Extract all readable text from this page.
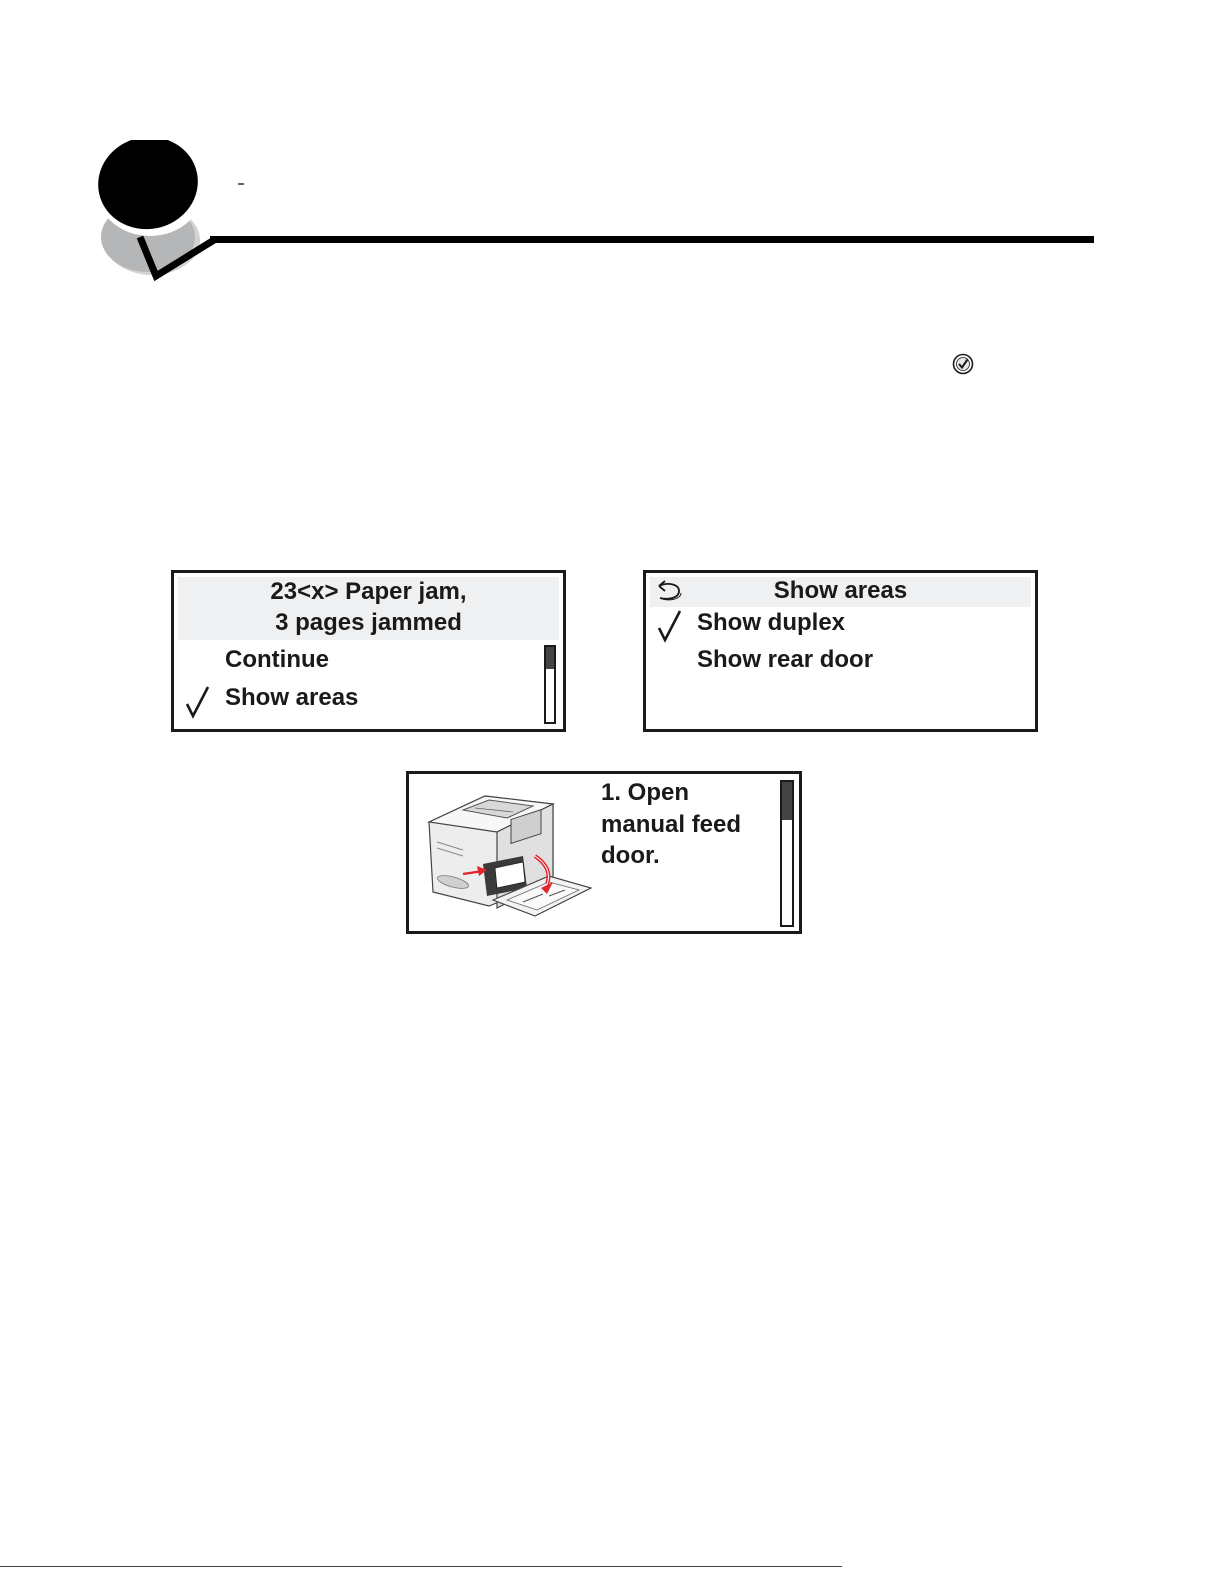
23<x> Paper jam,
3 pages jammed
Continue
Show areas
Show areas
Show duplex
Show rear door
1. Open
manual feed
door.
